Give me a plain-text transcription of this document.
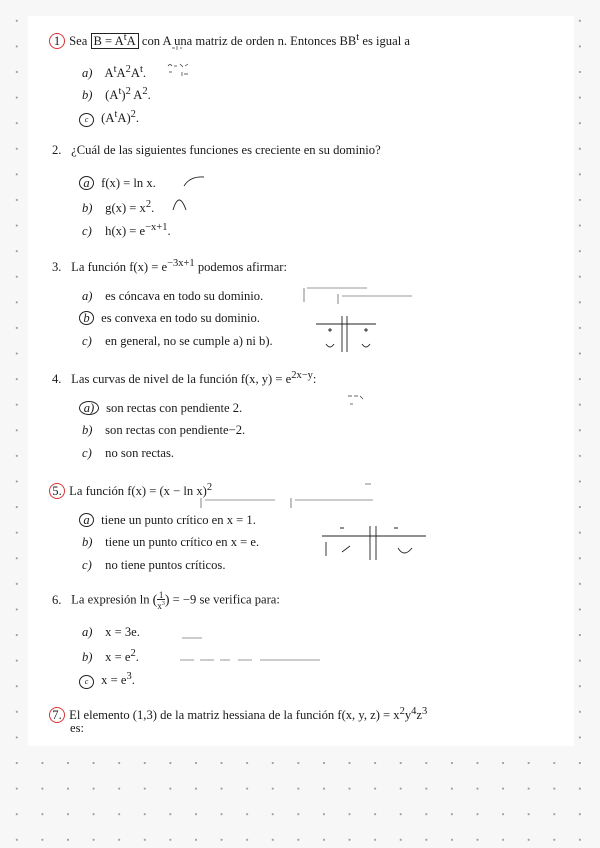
1 Sea $B = A^tA$ con A una matriz de orden n. Entonces $BB^t$ es igual a
a) $A^tA^2A^t$.
b) $(A^t)^2$ $A^2$.
c $(A^tA)^2$.
2. ¿Cuál de las siguientes funciones es creciente en su dominio?
a f(x) = ln x.
b) $g(x) = x^2$.
c) $h(x) = e^{-x+1}$.
3. La función $f(x) = e^{-3x+1}$ podemos afirmar:
a) es cóncava en todo su dominio.
b es convexa en todo su dominio.
c) en general, no se cumple a) ni b).
4. Las curvas de nivel de la función f(x, $y) = e^{2x-y}$:
a) son rectas con pendiente 2.
b) son rectas con pendiente−2.
c) no son rectas.
5. La función $f(x) = (x - \ln x)^2$
a tiene un punto crítico en x = 1.
b) tiene un punto crítico en x = e.
c) no tiene puntos críticos.
6. La expresión ln ( $\frac{1}{x^3}$ ) = −9 se verifica para:
a) x = 3e.
b) $x = e^2$.
c $x = e^3$.
7. El elemento (1,3) de la matriz hessiana de la función f(x, y, $z) = x^2y^4z^3$
es:
